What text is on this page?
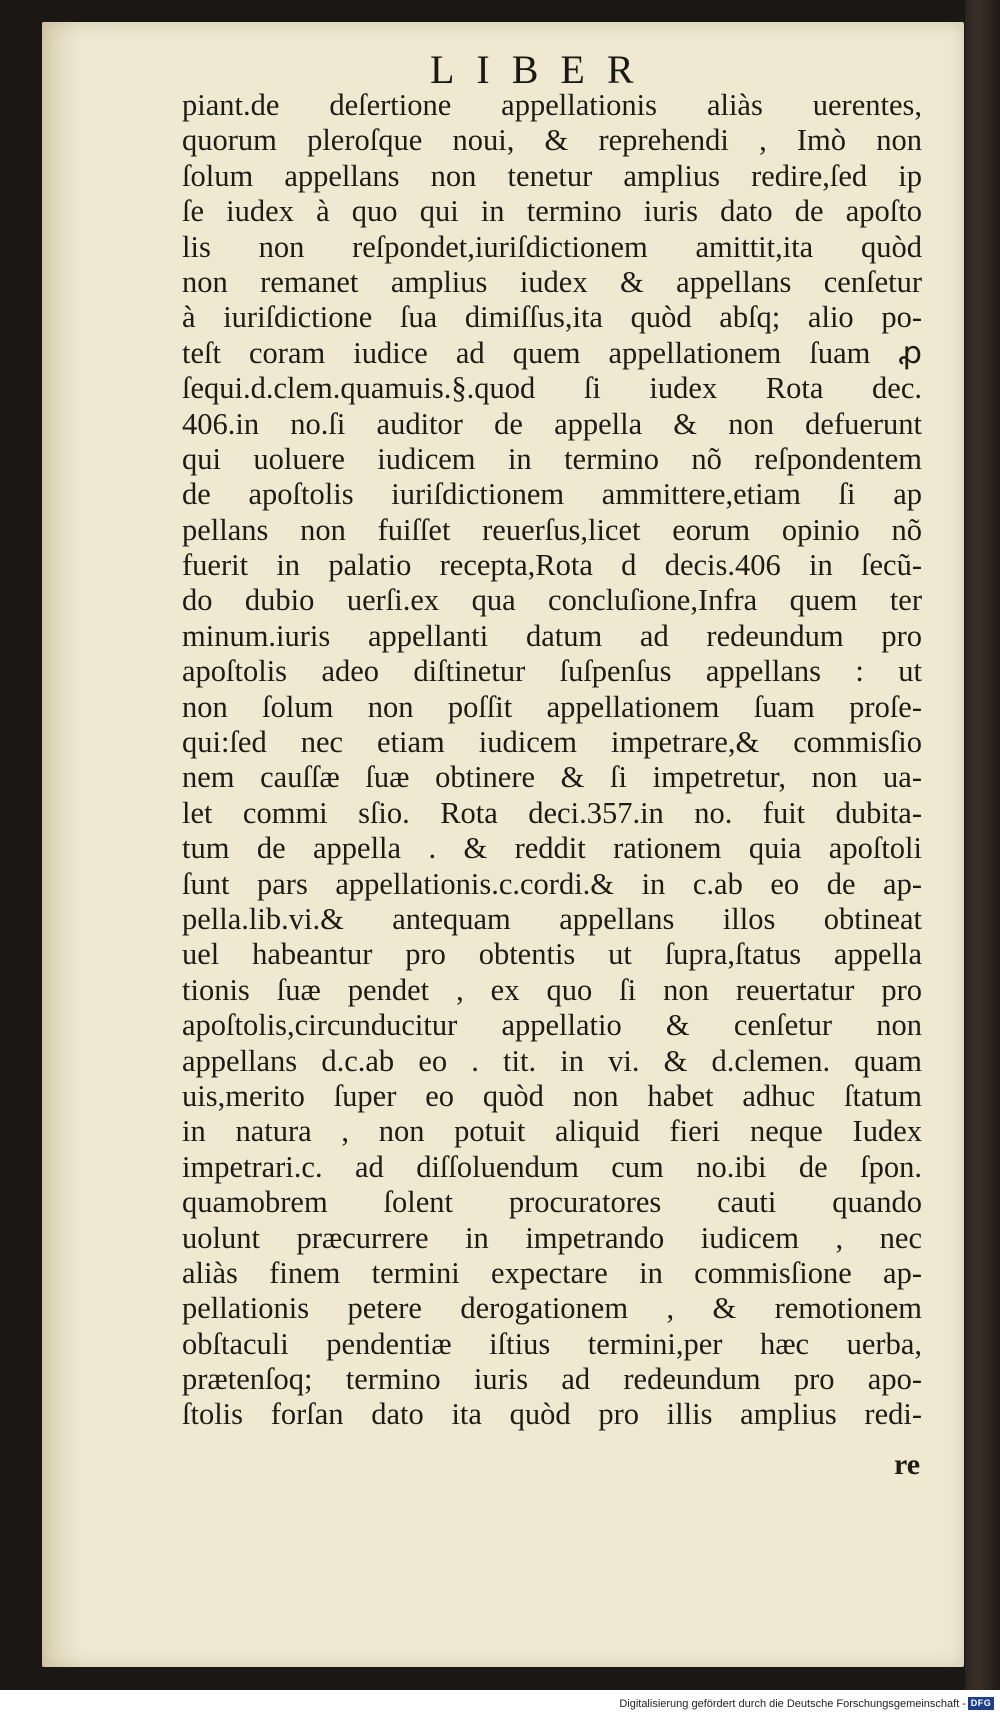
LIBER
piant.de deſertione appellationis aliàs uerentes,
quorum pleroſque noui, & reprehendi , Imò non
ſolum appellans non tenetur amplius redire,ſed ip
ſe iudex à quo qui in termino iuris dato de apoſto
lis non reſpondet,iuriſdictionem amittit,ita quòd
non remanet amplius iudex & appellans cenſetur
à iuriſdictione ſua dimiſſus,ita quòd abſq; alio po-
teſt coram iudice ad quem appellationem ſuam ꝓ
ſequi.d.clem.quamuis.§.quod ſi iudex Rota dec.
406.in no.ſi auditor de appella & non defuerunt
qui uoluere iudicem in termino nõ reſpondentem
de apoſtolis iuriſdictionem ammittere,etiam ſi ap
pellans non fuiſſet reuerſus,licet eorum opinio nõ
fuerit in palatio recepta,Rota d decis.406 in ſecũ-
do dubio uerſi.ex qua concluſione,Infra quem ter
minum.iuris appellanti datum ad redeundum pro
apoſtolis adeo diſtinetur ſuſpenſus appellans : ut
non ſolum non poſſit appellationem ſuam proſe-
qui:ſed nec etiam iudicem impetrare,& commisſio
nem cauſſæ ſuæ obtinere & ſi impetretur, non ua-
let commi sſio. Rota deci.357.in no. fuit dubita-
tum de appella . & reddit rationem quia apoſtoli
ſunt pars appellationis.c.cordi.& in c.ab eo de ap-
pella.lib.vi.& antequam appellans illos obtineat
uel habeantur pro obtentis ut ſupra,ſtatus appella
tionis ſuæ pendet , ex quo ſi non reuertatur pro
apoſtolis,circunducitur appellatio & cenſetur non
appellans d.c.ab eo . tit. in vi. & d.clemen. quam
uis,merito ſuper eo quòd non habet adhuc ſtatum
in natura , non potuit aliquid fieri neque Iudex
impetrari.c. ad diſſoluendum cum no.ibi de ſpon.
quamobrem ſolent procuratores cauti quando
uolunt præcurrere in impetrando iudicem , nec
aliàs finem termini expectare in commisſione ap-
pellationis petere derogationem , & remotionem
obſtaculi pendentiæ iſtius termini,per hæc uerba,
prætenſoq; termino iuris ad redeundum pro apo-
ſtolis forſan dato ita quòd pro illis amplius redi-
re
Digitalisierung gefördert durch die Deutsche Forschungsgemeinschaft - DFG
